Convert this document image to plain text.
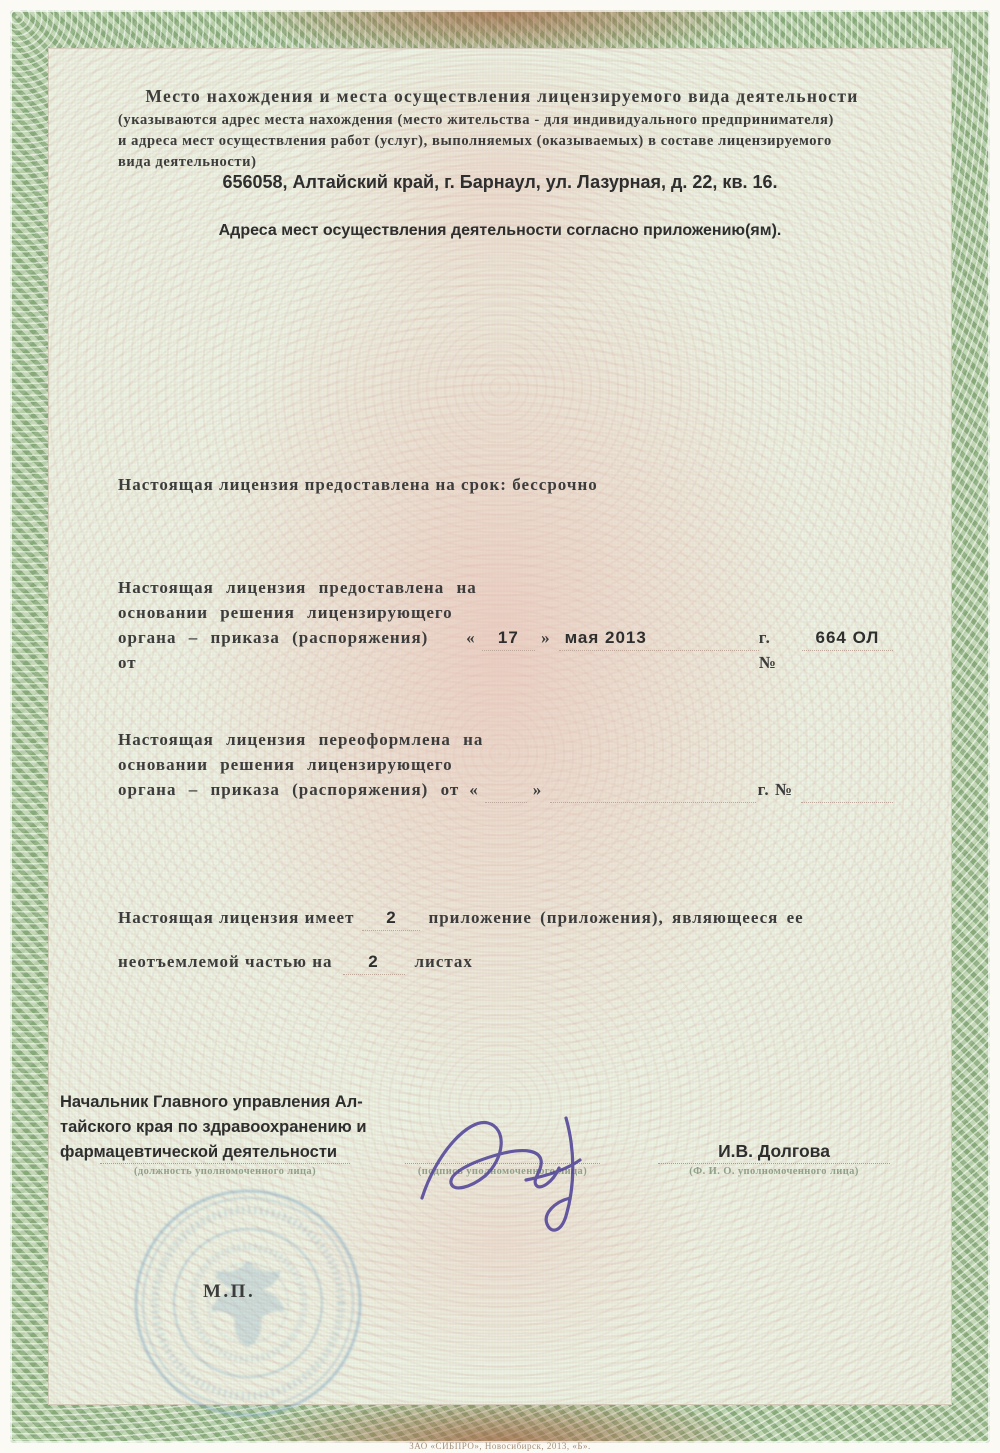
Место нахождения и места осуществления лицензируемого вида деятельности
(указываются адрес места нахождения (место жительства - для индивидуального предпринимателя)
и адреса мест осуществления работ (услуг), выполняемых (оказываемых) в составе лицензируемого
вида деятельности)
656058, Алтайский край, г. Барнаул, ул. Лазурная, д. 22, кв. 16.
Адреса мест осуществления деятельности согласно приложению(ям).
Настоящая лицензия предоставлена на срок: бессрочно
Настоящая лицензия предоставлена на
основании решения лицензирующего
органа – приказа (распоряжения) от
«	17	» мая 2013	г. №
664 ОЛ
Настоящая лицензия переоформлена на
основании решения лицензирующего
органа – приказа (распоряжения) от «
	»
	г. №

Настоящая лицензия имеет	2	приложение (приложения), являющееся ее
неотъемлемой частью на	2	листах
Начальник Главного управления Ал-
тайского края по здравоохранению и
фармацевтической деятельности
(должность уполномоченного лица)	(подпись уполномоченного лица)
И.В. Долгова
(Ф. И. О. уполномоченного лица)
М.П.
ЗАО «СИБПРО», Новосибирск, 2013, «Б».
